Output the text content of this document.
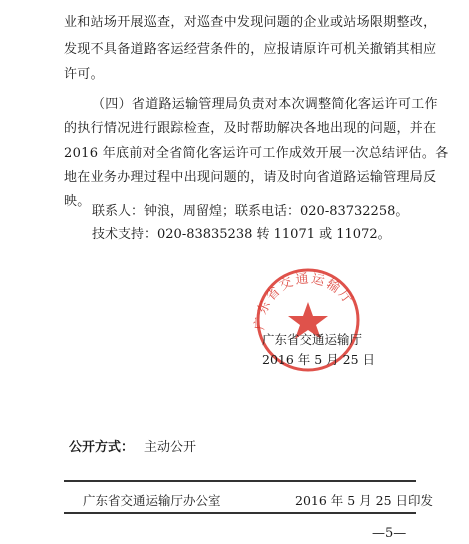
业和站场开展巡查，对巡查中发现问题的企业或站场限期整改，
发现不具备道路客运经营条件的，应报请原许可机关撤销其相应
许可。
（四）省道路运输管理局负责对本次调整简化客运许可工作
的执行情况进行跟踪检查，及时帮助解决各地出现的问题，并在
2016 年底前对全省简化客运许可工作成效开展一次总结评估。各
地在业务办理过程中出现问题的，请及时向省道路运输管理局反
映。
联系人：钟浪，周留煌；联系电话：020-83732258。
技术支持：020-83835238 转 11071 或 11072。
广东省交通运输厅
广东省交通运输厅
2016 年 5 月 25 日
公开方式： 主动公开
广东省交通运输厅办公室	2016 年 5 月 25 日印发
—5—
